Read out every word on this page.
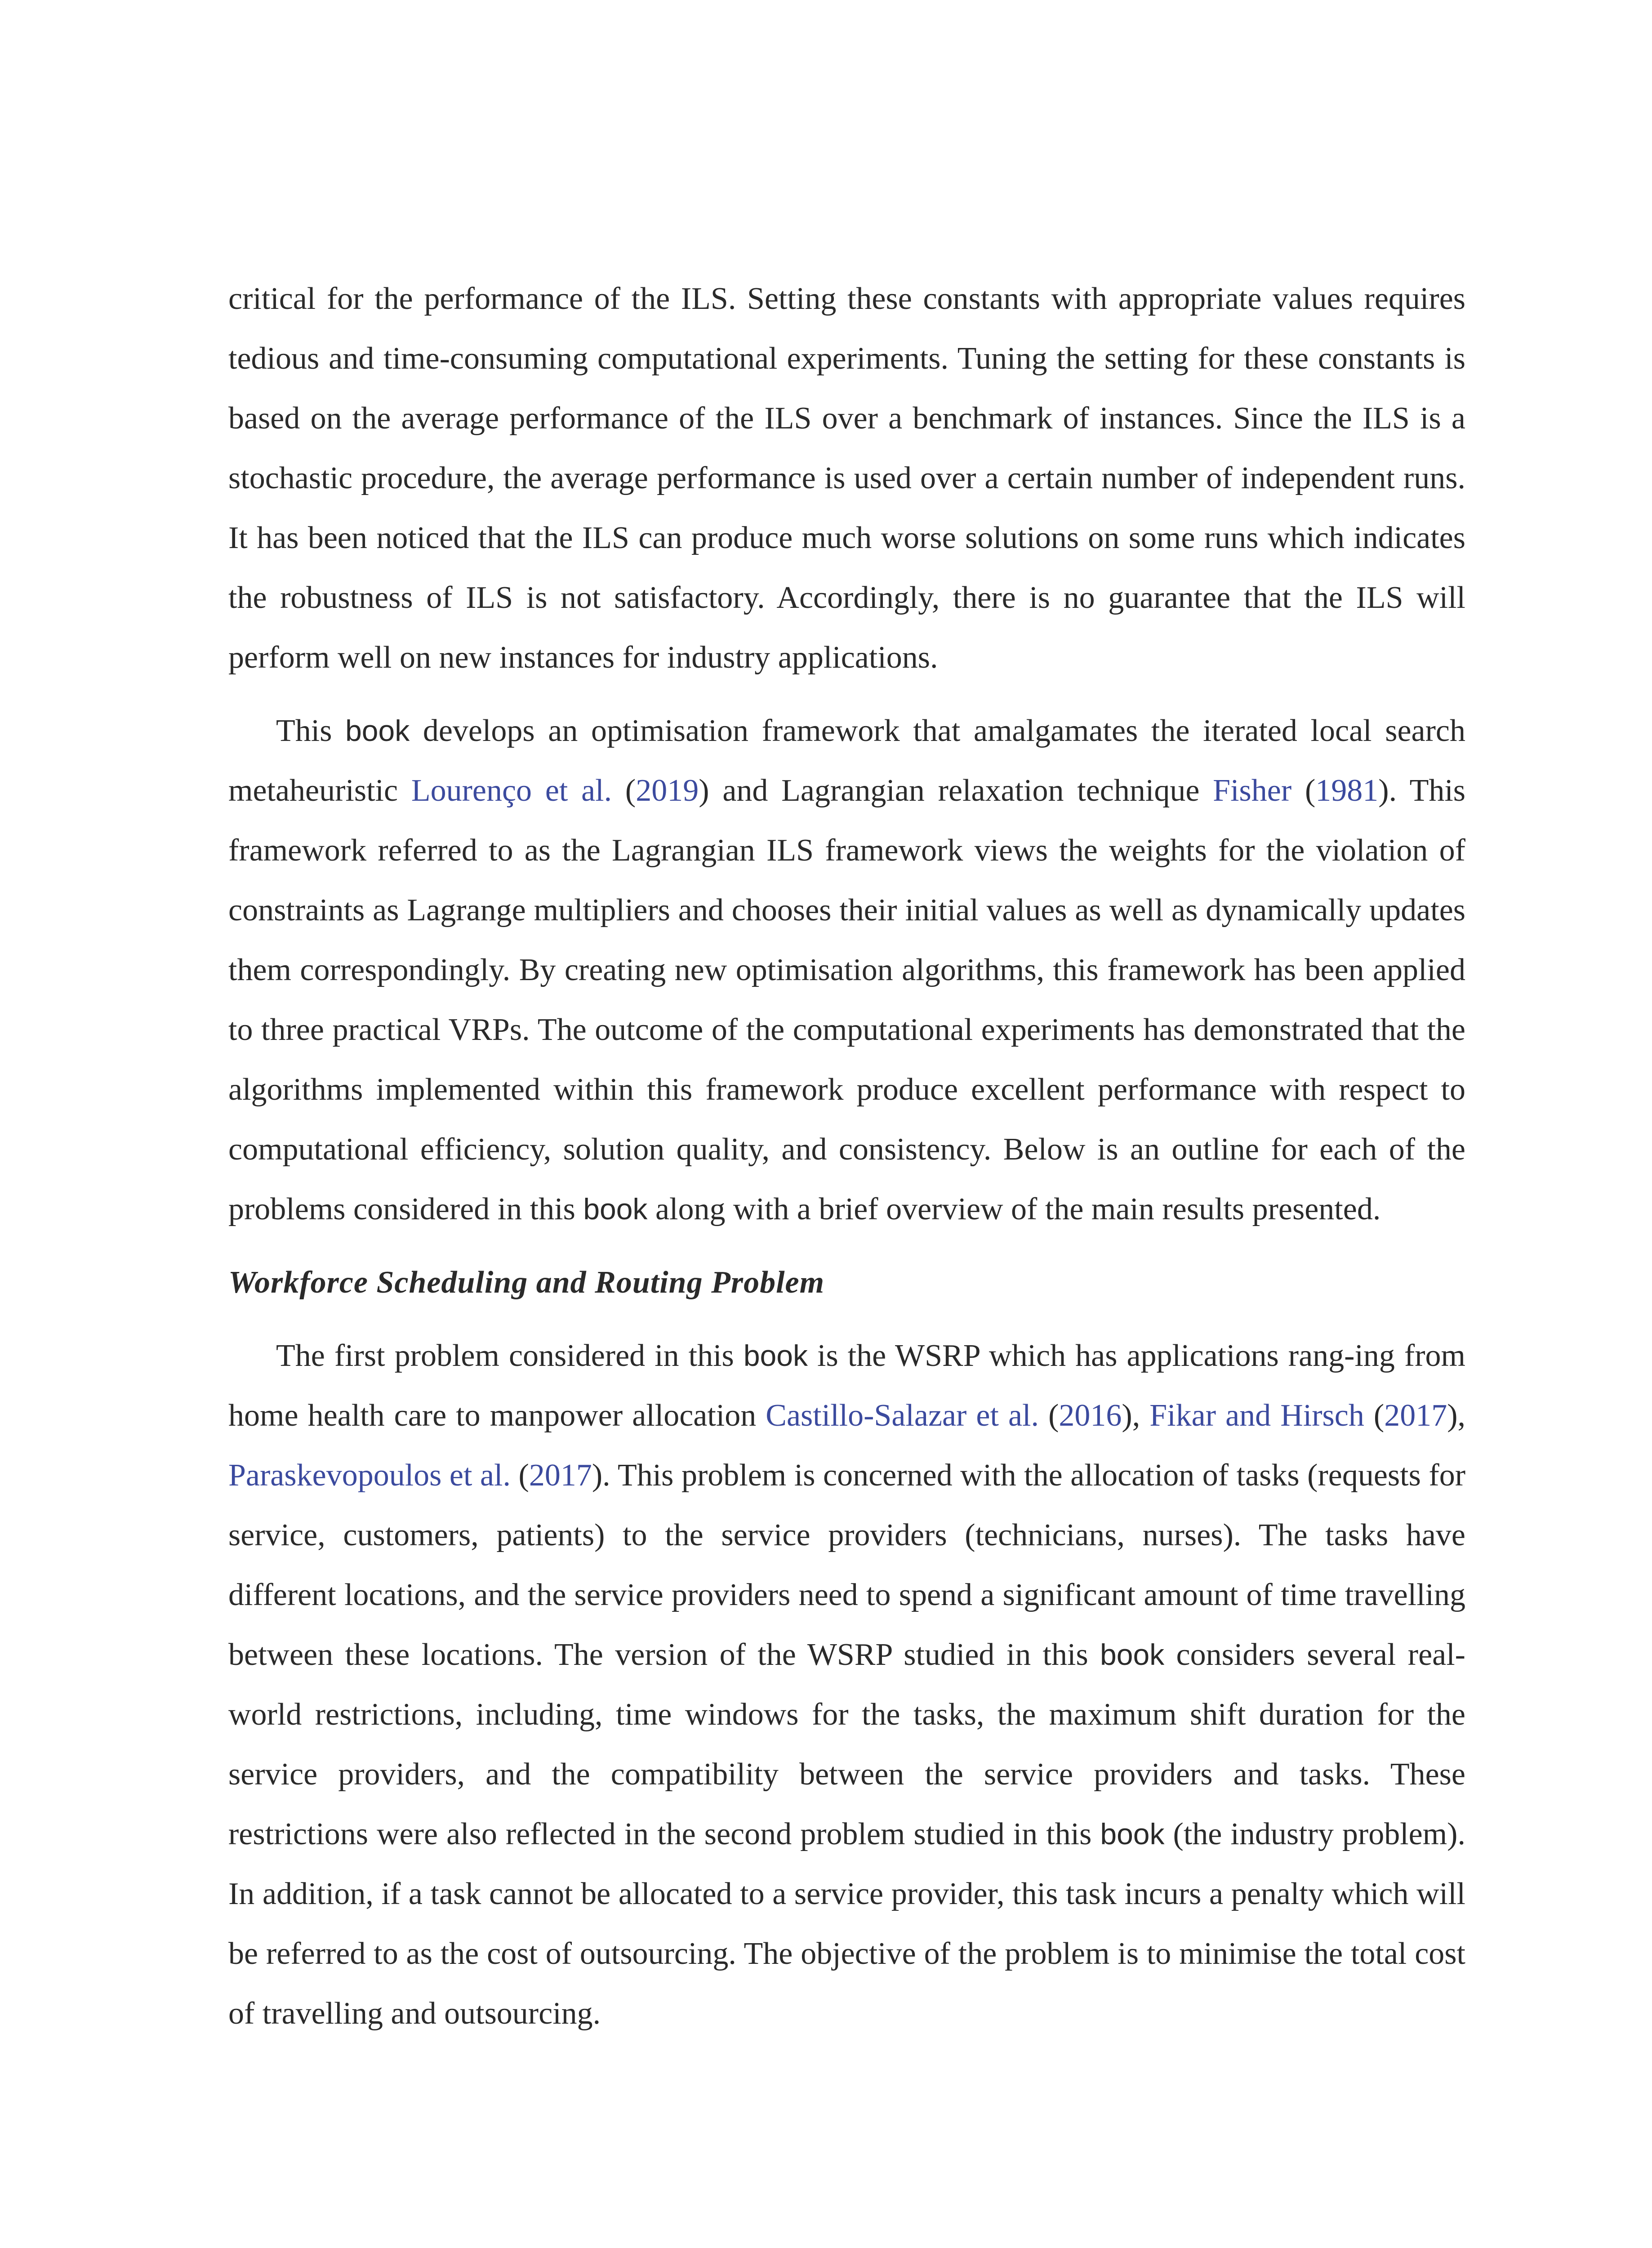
critical for the performance of the ILS. Setting these constants with appropriate values requires tedious and time-consuming computational experiments. Tuning the setting for these constants is based on the average performance of the ILS over a benchmark of instances. Since the ILS is a stochastic procedure, the average performance is used over a certain number of independent runs. It has been noticed that the ILS can produce much worse solutions on some runs which indicates the robustness of ILS is not satisfactory. Accordingly, there is no guarantee that the ILS will perform well on new instances for industry applications.

This book develops an optimisation framework that amalgamates the iterated local search metaheuristic Lourenço et al. (2019) and Lagrangian relaxation technique Fisher (1981). This framework referred to as the Lagrangian ILS framework views the weights for the violation of constraints as Lagrange multipliers and chooses their initial values as well as dynamically updates them correspondingly. By creating new optimisation algorithms, this framework has been applied to three practical VRPs. The outcome of the computational experiments has demonstrated that the algorithms implemented within this framework produce excellent performance with respect to computational efficiency, solution quality, and consistency. Below is an outline for each of the problems considered in this book along with a brief overview of the main results presented.

Workforce Scheduling and Routing Problem

The first problem considered in this book is the WSRP which has applications rang-ing from home health care to manpower allocation Castillo-Salazar et al. (2016), Fikar and Hirsch (2017), Paraskevopoulos et al. (2017). This problem is concerned with the allocation of tasks (requests for service, customers, patients) to the service providers (technicians, nurses). The tasks have different locations, and the service providers need to spend a significant amount of time travelling between these locations. The version of the WSRP studied in this book considers several real-world restrictions, including, time windows for the tasks, the maximum shift duration for the service providers, and the compatibility between the service providers and tasks. These restrictions were also reflected in the second problem studied in this book (the industry problem). In addition, if a task cannot be allocated to a service provider, this task incurs a penalty which will be referred to as the cost of outsourcing. The objective of the problem is to minimise the total cost of travelling and outsourcing.
